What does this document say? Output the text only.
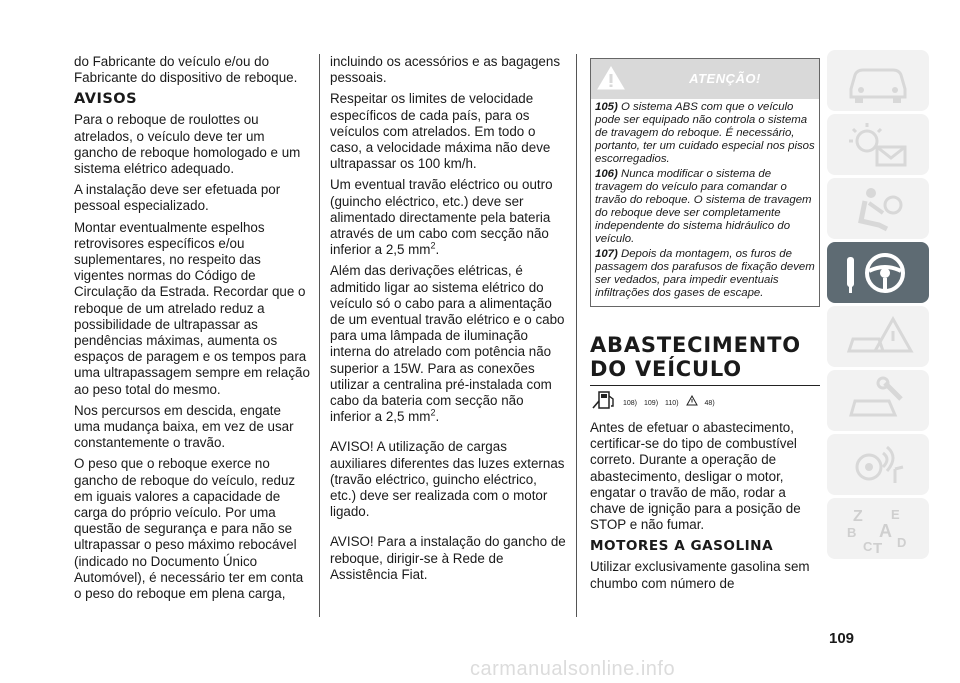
do Fabricante do veículo e/ou do Fabricante do dispositivo de reboque.

AVISOS

Para o reboque de roulottes ou atrelados, o veículo deve ter um gancho de reboque homologado e um sistema elétrico adequado.

A instalação deve ser efetuada por pessoal especializado.

Montar eventualmente espelhos retrovisores específicos e/ou suplementares, no respeito das vigentes normas do Código de Circulação da Estrada. Recordar que o reboque de um atrelado reduz a possibilidade de ultrapassar as pendências máximas, aumenta os espaços de paragem e os tempos para uma ultrapassagem sempre em relação ao peso total do mesmo.

Nos percursos em descida, engate uma mudança baixa, em vez de usar constantemente o travão.

O peso que o reboque exerce no gancho de reboque do veículo, reduz em iguais valores a capacidade de carga do próprio veículo. Por uma questão de segurança e para não se ultrapassar o peso máximo rebocável (indicado no Documento Único Automóvel), é necessário ter em conta o peso do reboque em plena carga,

incluindo os acessórios e as bagagens pessoais.

Respeitar os limites de velocidade específicos de cada país, para os veículos com atrelados. Em todo o caso, a velocidade máxima não deve ultrapassar os 100 km/h.

Um eventual travão eléctrico ou outro (guincho eléctrico, etc.) deve ser alimentado directamente pela bateria através de um cabo com secção não inferior a 2,5 $mm^2$.

Além das derivações elétricas, é admitido ligar ao sistema elétrico do veículo só o cabo para a alimentação de um eventual travão elétrico e o cabo para uma lâmpada de iluminação interna do atrelado com potência não superior a 15W. Para as conexões utilizar a centralina pré-instalada com cabo da bateria com secção não inferior a 2,5 $mm^2$.

AVISO! A utilização de cargas auxiliares diferentes das luzes externas (travão eléctrico, guincho eléctrico, etc.) deve ser realizada com o motor ligado.

AVISO! Para a instalação do gancho de reboque, dirigir-se à Rede de Assistência Fiat.

ATENÇÃO!

105) O sistema ABS com que o veículo pode ser equipado não controla o sistema de travagem do reboque. É necessário, portanto, ter um cuidado especial nos pisos escorregadios.

106) Nunca modificar o sistema de travagem do veículo para comandar o travão do reboque. O sistema de travagem do reboque deve ser completamente independente do sistema hidráulico do veículo.

107) Depois da montagem, os furos de passagem dos parafusos de fixação devem ser vedados, para impedir eventuais infiltrações dos gases de escape.

ABASTECIMENTO DO VEÍCULO
108) 109) 110)	48)

Antes de efetuar o abastecimento, certificar-se do tipo de combustível correto. Durante a operação de abastecimento, desligar o motor, engatar o travão de mão, rodar a chave de ignição para a posição de STOP e não fumar.

MOTORES A GASOLINA

Utilizar exclusivamente gasolina sem chumbo com número de

Z E
B A
C T D
109
carmanualsonline.info
